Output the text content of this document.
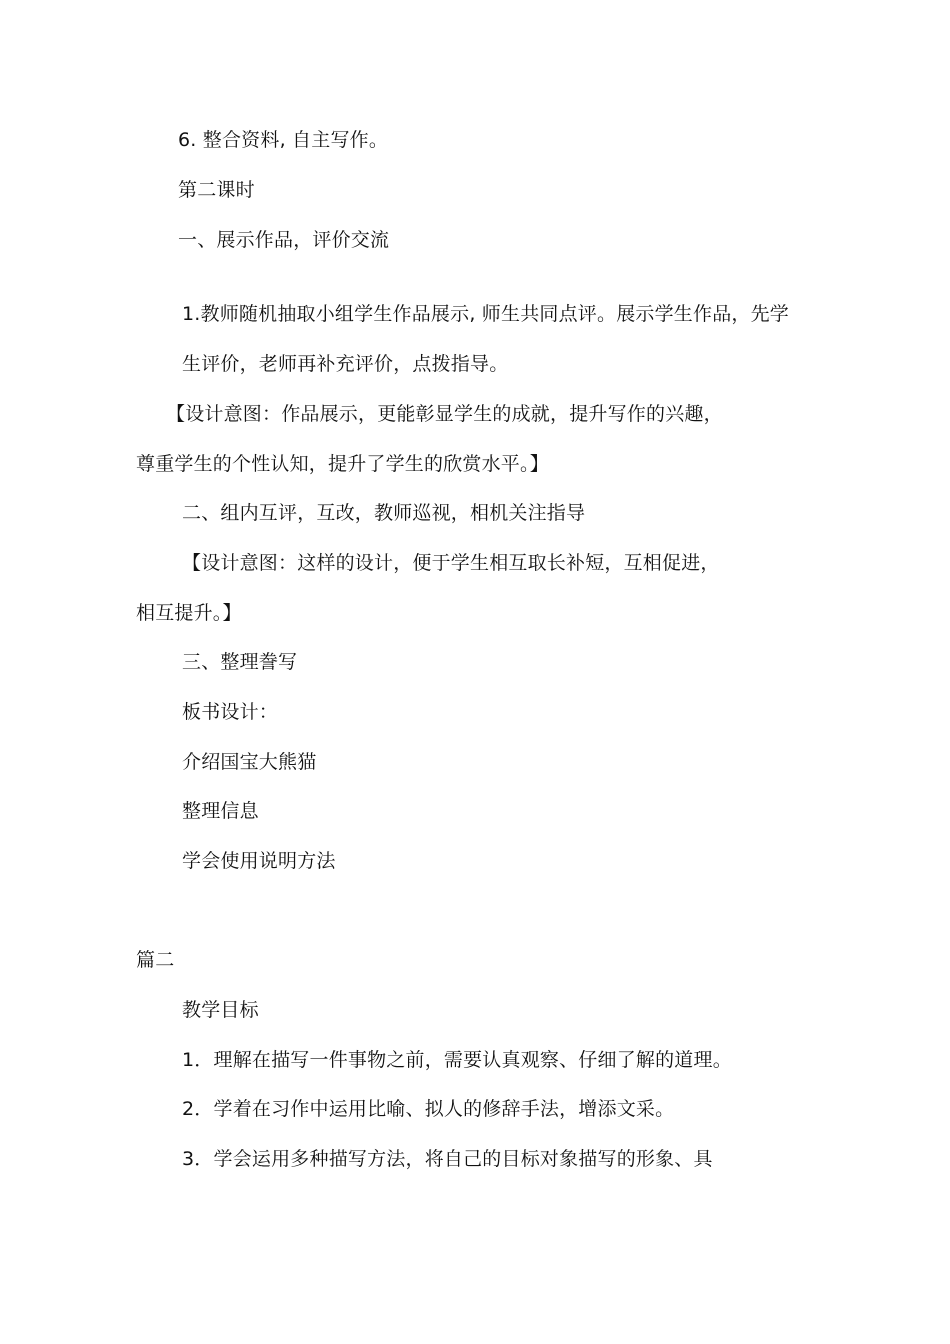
6. 整合资料, 自主写作。
第二课时
一、展示作品，评价交流
1.教师随机抽取小组学生作品展示, 师生共同点评。展示学生作品，先学
生评价，老师再补充评价，点拨指导。
【设计意图：作品展示，更能彰显学生的成就，提升写作的兴趣，
尊重学生的个性认知，提升了学生的欣赏水平。】
二、组内互评，互改，教师巡视，相机关注指导
【设计意图：这样的设计，便于学生相互取长补短，互相促进，
相互提升。】
三、整理誊写
板书设计：
介绍国宝大熊猫
整理信息
学会使用说明方法
篇二
教学目标
1．理解在描写一件事物之前，需要认真观察、仔细了解的道理。
2．学着在习作中运用比喻、拟人的修辞手法，增添文采。
3．学会运用多种描写方法，将自己的目标对象描写的形象、具
